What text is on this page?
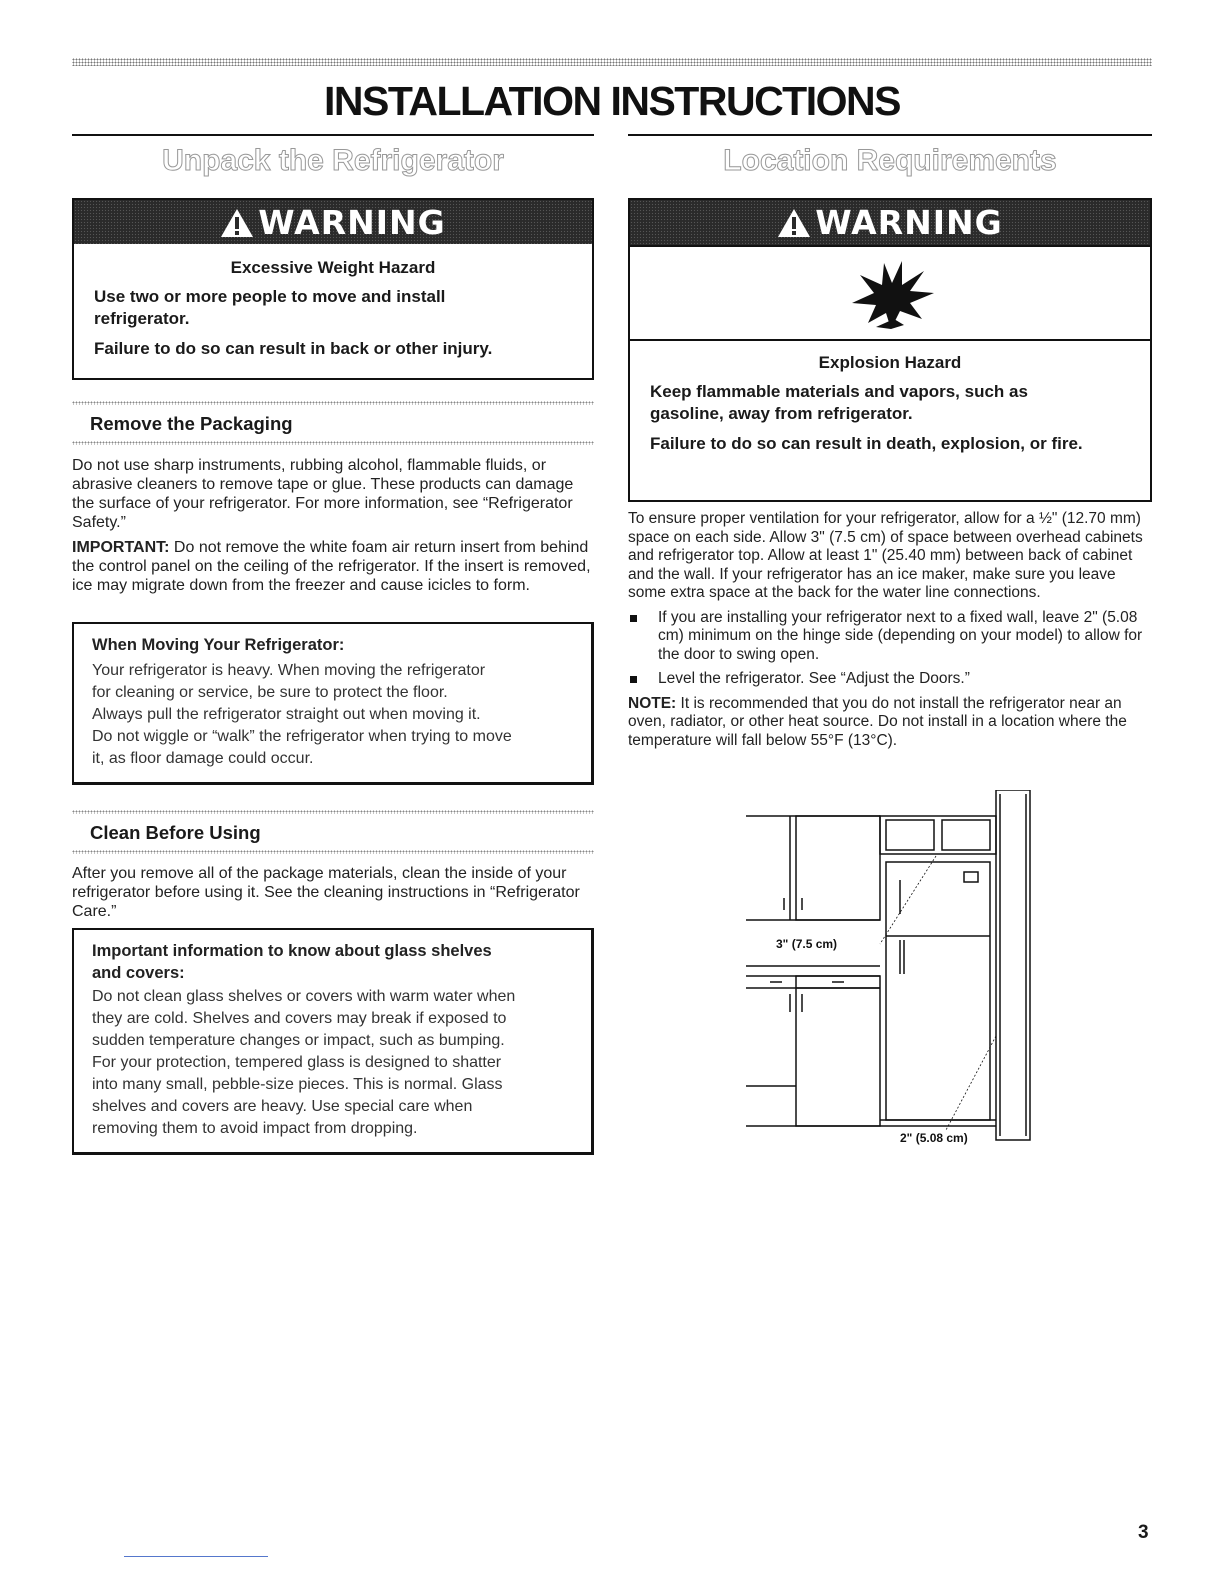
INSTALLATION INSTRUCTIONS
Unpack the Refrigerator
WARNING
Excessive Weight Hazard
Use two or more people to move and install refrigerator.
Failure to do so can result in back or other injury.
Remove the Packaging

Do not use sharp instruments, rubbing alcohol, flammable fluids, or abrasive cleaners to remove tape or glue. These products can damage the surface of your refrigerator. For more information, see “Refrigerator Safety.”

IMPORTANT: Do not remove the white foam air return insert from behind the control panel on the ceiling of the refrigerator. If the insert is removed, ice may migrate down from the freezer and cause icicles to form.

When Moving Your Refrigerator:
Your refrigerator is heavy. When moving the refrigerator
for cleaning or service, be sure to protect the floor.
Always pull the refrigerator straight out when moving it.
Do not wiggle or “walk” the refrigerator when trying to move
it, as floor damage could occur.
Clean Before Using

After you remove all of the package materials, clean the inside of your refrigerator before using it. See the cleaning instructions in “Refrigerator Care.”

Important information to know about glass shelves
and covers:
Do not clean glass shelves or covers with warm water when
they are cold. Shelves and covers may break if exposed to
sudden temperature changes or impact, such as bumping.
For your protection, tempered glass is designed to shatter
into many small, pebble-size pieces. This is normal. Glass
shelves and covers are heavy. Use special care when
removing them to avoid impact from dropping.
Location Requirements
WARNING
Explosion Hazard
Keep flammable materials and vapors, such as gasoline, away from refrigerator.
Failure to do so can result in death, explosion, or fire.

To ensure proper ventilation for your refrigerator, allow for a ½" (12.70 mm) space on each side. Allow 3" (7.5 cm) of space between overhead cabinets and refrigerator top. Allow at least 1" (25.40 mm) between back of cabinet and the wall. If your refrigerator has an ice maker, make sure you leave some extra space at the back for the water line connections.

If you are installing your refrigerator next to a fixed wall, leave 2" (5.08 cm) minimum on the hinge side (depending on your model) to allow for the door to swing open.
Level the refrigerator. See “Adjust the Doors.”

NOTE: It is recommended that you do not install the refrigerator near an oven, radiator, or other heat source. Do not install in a location where the temperature will fall below 55°F (13°C).

3" (7.5 cm)
2" (5.08 cm)
3
